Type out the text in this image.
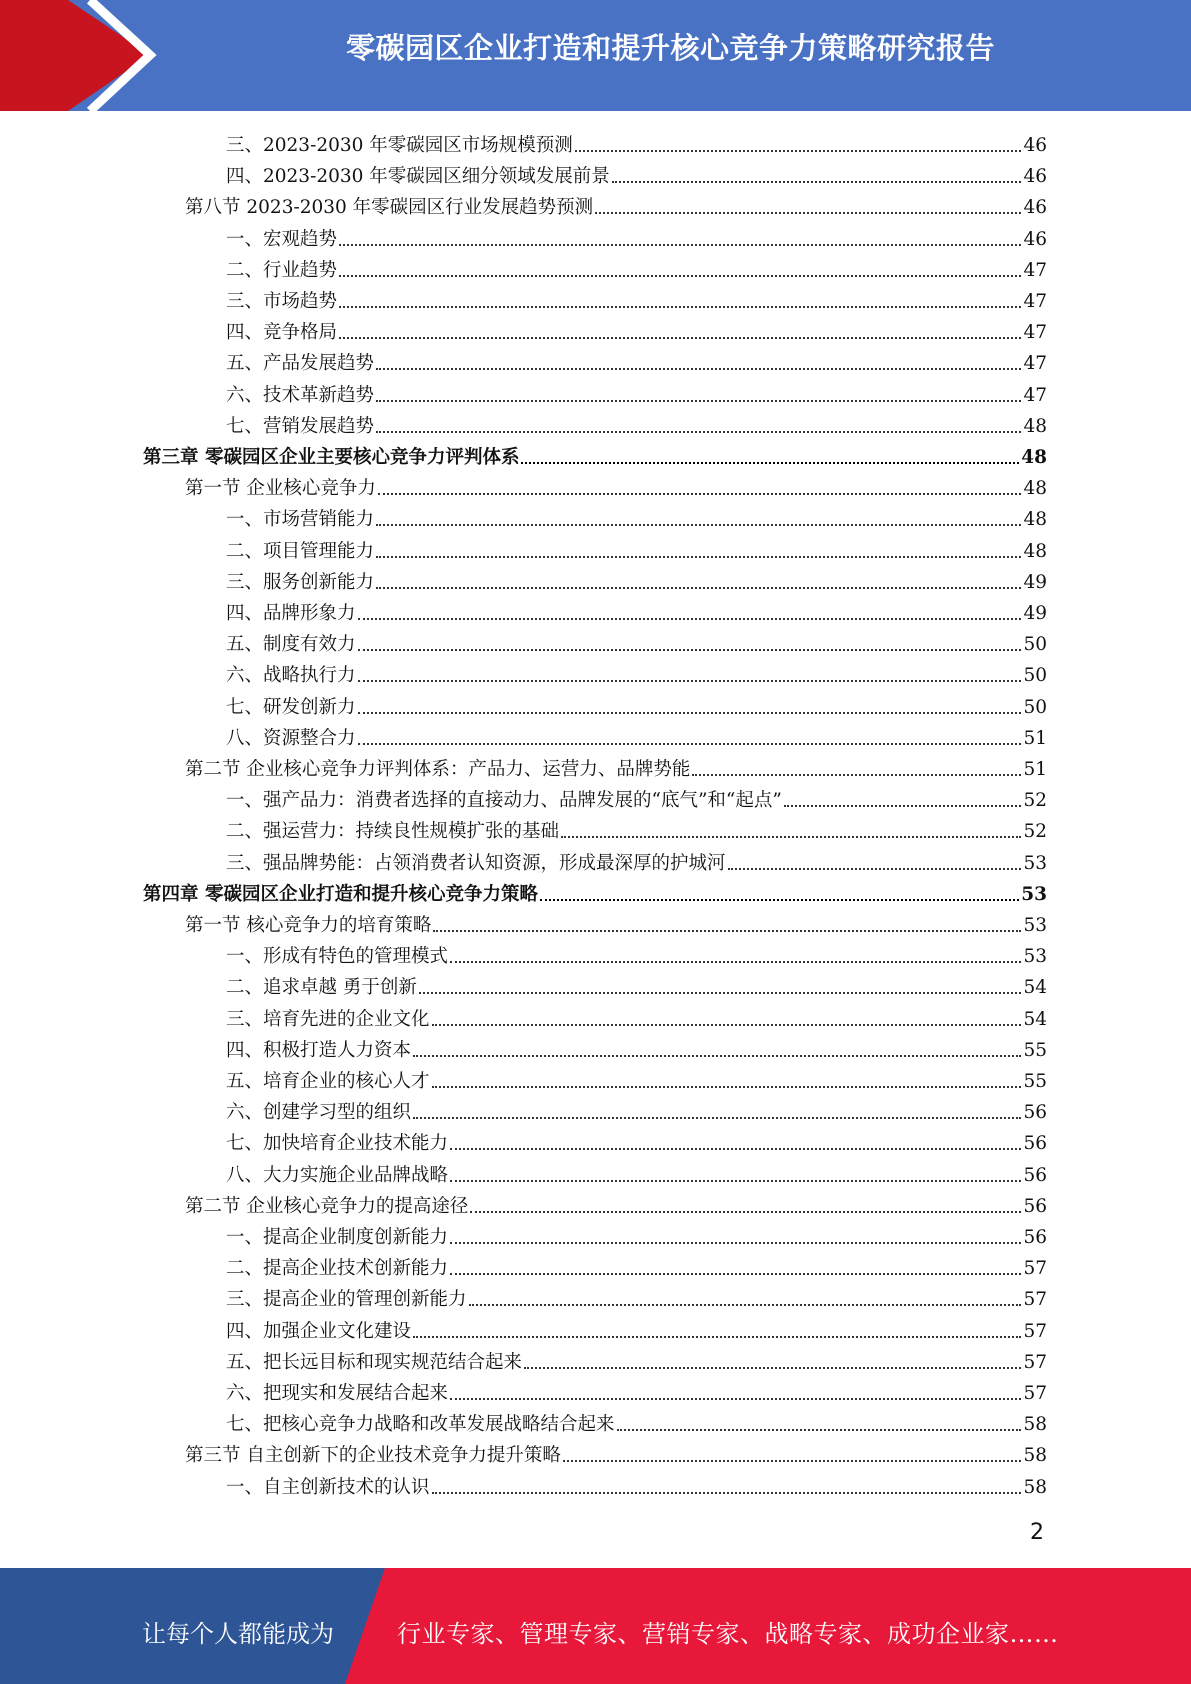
零碳园区企业打造和提升核心竞争力策略研究报告
三、2023-2030 年零碳园区市场规模预测	46
四、2023-2030 年零碳园区细分领域发展前景	46
第八节 2023-2030 年零碳园区行业发展趋势预测	46
一、宏观趋势	46
二、行业趋势	47
三、市场趋势	47
四、竞争格局	47
五、产品发展趋势	47
六、技术革新趋势	47
七、营销发展趋势	48
第三章 零碳园区企业主要核心竞争力评判体系	48
第一节 企业核心竞争力	48
一、市场营销能力	48
二、项目管理能力	48
三、服务创新能力	49
四、品牌形象力	49
五、制度有效力	50
六、战略执行力	50
七、研发创新力	50
八、资源整合力	51
第二节 企业核心竞争力评判体系：产品力、运营力、品牌势能	51
一、强产品力：消费者选择的直接动力、品牌发展的“底气”和“起点”	52
二、强运营力：持续良性规模扩张的基础	52
三、强品牌势能：占领消费者认知资源，形成最深厚的护城河	53
第四章 零碳园区企业打造和提升核心竞争力策略	53
第一节 核心竞争力的培育策略	53
一、形成有特色的管理模式	53
二、追求卓越 勇于创新	54
三、培育先进的企业文化	54
四、积极打造人力资本	55
五、培育企业的核心人才	55
六、创建学习型的组织	56
七、加快培育企业技术能力	56
八、大力实施企业品牌战略	56
第二节 企业核心竞争力的提高途径	56
一、提高企业制度创新能力	56
二、提高企业技术创新能力	57
三、提高企业的管理创新能力	57
四、加强企业文化建设	57
五、把长远目标和现实规范结合起来	57
六、把现实和发展结合起来	57
七、把核心竞争力战略和改革发展战略结合起来	58
第三节 自主创新下的企业技术竞争力提升策略	58
一、自主创新技术的认识	58
2
让每个人都能成为	行业专家、管理专家、营销专家、战略专家、成功企业家……
